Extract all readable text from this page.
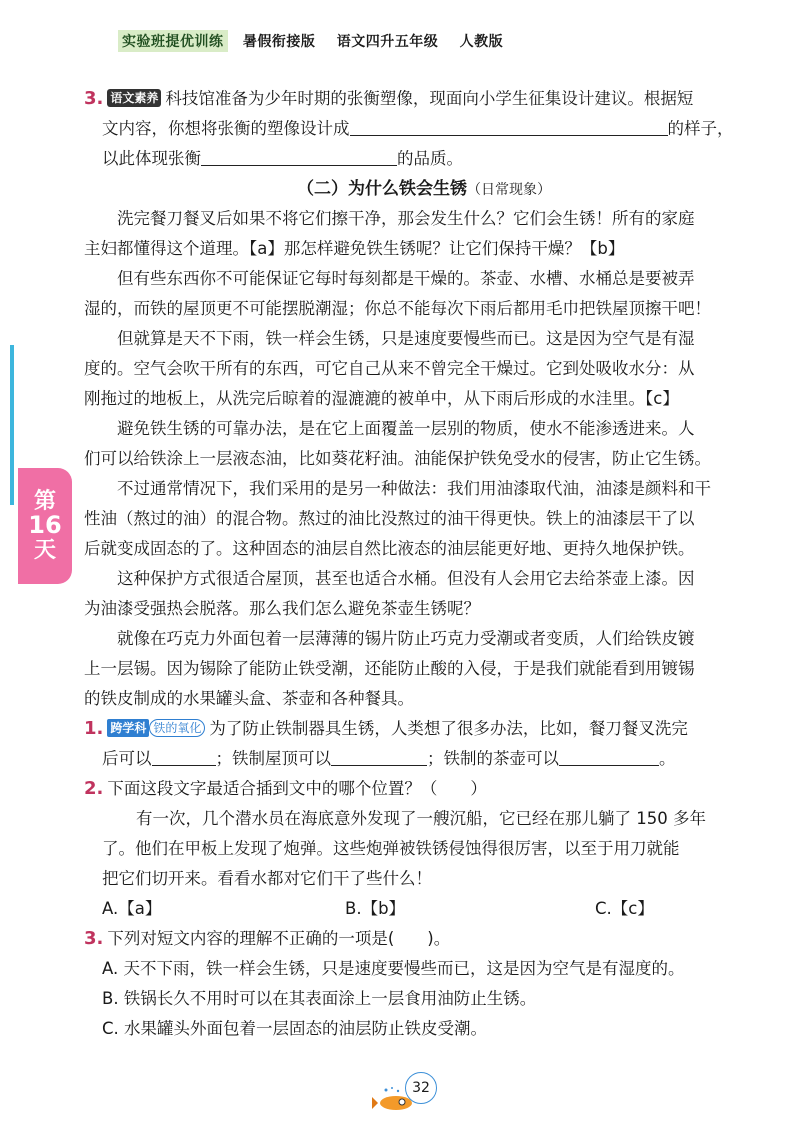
实验班提优训练 暑假衔接版 语文四升五年级 人教版
第
16
天
3. 语文素养 科技馆准备为少年时期的张衡塑像，现面向小学生征集设计建议。根据短
文内容，你想将张衡的塑像设计成	的样子，
以此体现张衡	的品质。
（二）为什么铁会生锈（日常现象）
洗完餐刀餐叉后如果不将它们擦干净，那会发生什么？它们会生锈！所有的家庭
主妇都懂得这个道理。【a】那怎样避免铁生锈呢？让它们保持干燥？【b】
但有些东西你不可能保证它每时每刻都是干燥的。茶壶、水槽、水桶总是要被弄
湿的，而铁的屋顶更不可能摆脱潮湿；你总不能每次下雨后都用毛巾把铁屋顶擦干吧！
但就算是天不下雨，铁一样会生锈，只是速度要慢些而已。这是因为空气是有湿
度的。空气会吹干所有的东西，可它自己从来不曾完全干燥过。它到处吸收水分：从
刚拖过的地板上，从洗完后晾着的湿漉漉的被单中，从下雨后形成的水洼里。【c】
避免铁生锈的可靠办法，是在它上面覆盖一层别的物质，使水不能渗透进来。人
们可以给铁涂上一层液态油，比如葵花籽油。油能保护铁免受水的侵害，防止它生锈。
不过通常情况下，我们采用的是另一种做法：我们用油漆取代油，油漆是颜料和干
性油（熬过的油）的混合物。熬过的油比没熬过的油干得更快。铁上的油漆层干了以
后就变成固态的了。这种固态的油层自然比液态的油层能更好地、更持久地保护铁。
这种保护方式很适合屋顶，甚至也适合水桶。但没有人会用它去给茶壶上漆。因
为油漆受强热会脱落。那么我们怎么避免茶壶生锈呢？
就像在巧克力外面包着一层薄薄的锡片防止巧克力受潮或者变质，人们给铁皮镀
上一层锡。因为锡除了能防止铁受潮，还能防止酸的入侵，于是我们就能看到用镀锡
的铁皮制成的水果罐头盒、茶壶和各种餐具。
1. 跨学科 铁的氧化 为了防止铁制器具生锈，人类想了很多办法，比如，餐刀餐叉洗完
后可以	；铁制屋顶可以	；铁制的茶壶可以	。
2. 下面这段文字最适合插到文中的哪个位置？（　　）
有一次，几个潜水员在海底意外发现了一艘沉船，它已经在那儿躺了 150 多年
了。他们在甲板上发现了炮弹。这些炮弹被铁锈侵蚀得很厉害，以至于用刀就能
把它们切开来。看看水都对它们干了些什么！
A.【a】	B.【b】	C.【c】
3. 下列对短文内容的理解不正确的一项是(　　)。
A. 天不下雨，铁一样会生锈，只是速度要慢些而已，这是因为空气是有湿度的。
B. 铁锅长久不用时可以在其表面涂上一层食用油防止生锈。
C. 水果罐头外面包着一层固态的油层防止铁皮受潮。
32
